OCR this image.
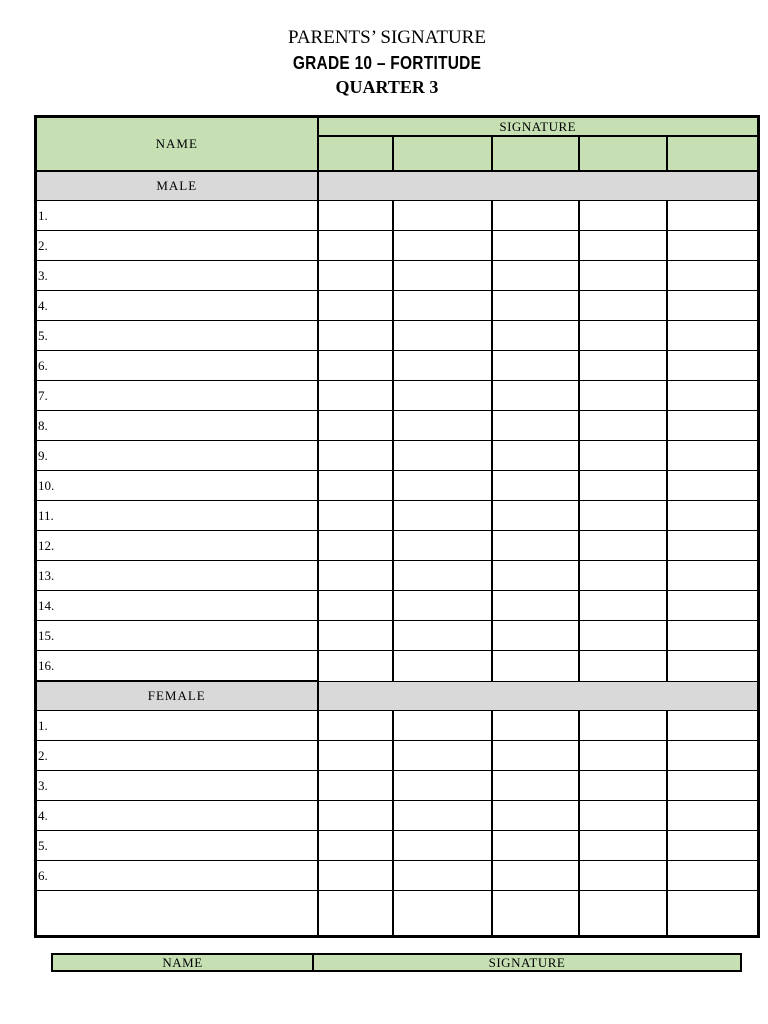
PARENTS’ SIGNATURE
GRADE 10 – FORTITUDE
QUARTER 3
NAME	SIGNATURE				

MALE					
1.					
2.					
3.					
4.					
5.					
6.					
7.					
8.					
9.					
10.					
11.					
12.					
13.					
14.					
15.					
16.					
FEMALE					
1.					
2.					
3.					
4.					
5.					
6.					

NAME	SIGNATURE
